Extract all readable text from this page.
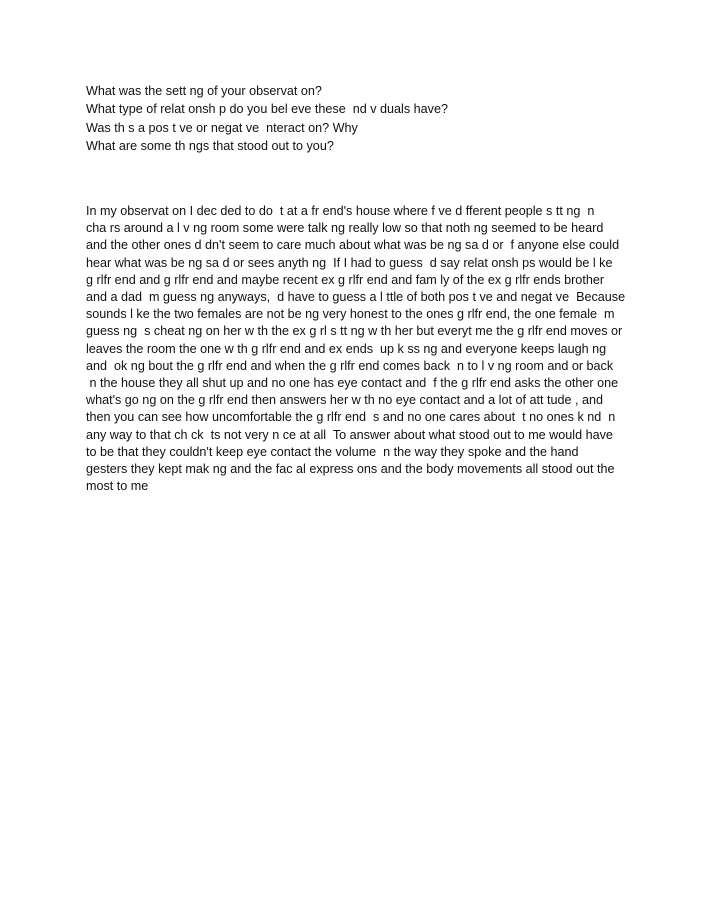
What was the sett ng of your observat on?

What type of relat onsh p do you bel eve these  nd v duals have?

Was th s a pos t ve or negat ve  nteract on? Why

What are some th ngs that stood out to you?

In my observat on I dec ded to do  t at a fr end's house where f ve d fferent people s tt ng  n

cha rs around a l v ng room some were talk ng really low so that noth ng seemed to be heard

and the other ones d dn't seem to care much about what was be ng sa d or  f anyone else could

hear what was be ng sa d or sees anyth ng  If I had to guess  d say relat onsh ps would be l ke

g rlfr end and g rlfr end and maybe recent ex g rlfr end and fam ly of the ex g rlfr ends brother

and a dad  m guess ng anyways,  d have to guess a l ttle of both pos t ve and negat ve  Because

sounds l ke the two females are not be ng very honest to the ones g rlfr end, the one female  m

guess ng  s cheat ng on her w th the ex g rl s tt ng w th her but everyt me the g rlfr end moves or

leaves the room the one w th g rlfr end and ex ends  up k ss ng and everyone keeps laugh ng

and  ok ng bout the g rlfr end and when the g rlfr end comes back  n to l v ng room and or back

n the house they all shut up and no one has eye contact and  f the g rlfr end asks the other one

what's go ng on the g rlfr end then answers her w th no eye contact and a lot of att tude , and

then you can see how uncomfortable the g rlfr end  s and no one cares about  t no ones k nd  n

any way to that ch ck  ts not very n ce at all  To answer about what stood out to me would have

to be that they couldn't keep eye contact the volume  n the way they spoke and the hand

gesters they kept mak ng and the fac al express ons and the body movements all stood out the

most to me
